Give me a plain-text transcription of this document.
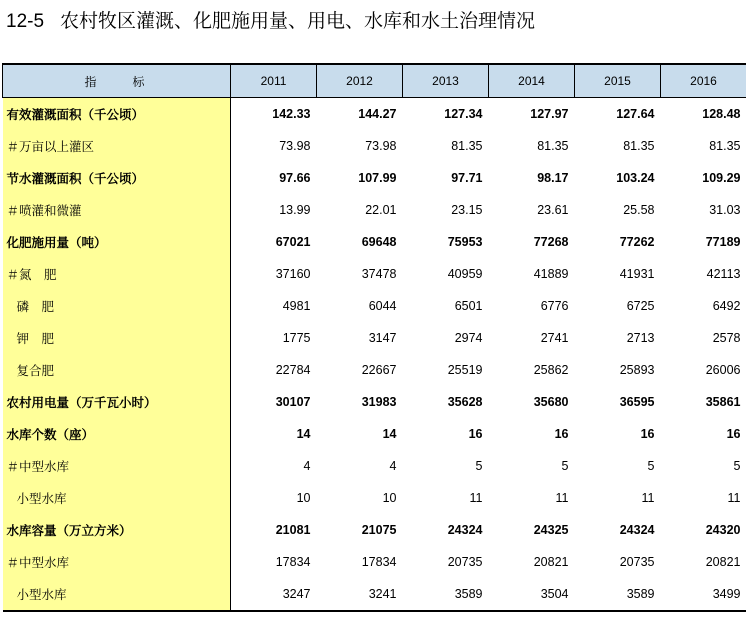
12-5 农村牧区灌溉、化肥施用量、用电、水库和水土治理情况
指　　标	2011	2012	2013	2014	2015	2016
有效灌溉面积（千公顷）	142.33	144.27	127.34	127.97	127.64	128.48
＃万亩以上灌区	73.98	73.98	81.35	81.35	81.35	81.35
节水灌溉面积（千公顷）	97.66	107.99	97.71	98.17	103.24	109.29
＃喷灌和微灌	13.99	22.01	23.15	23.61	25.58	31.03
化肥施用量（吨）	67021	69648	75953	77268	77262	77189
＃氮　肥	37160	37478	40959	41889	41931	42113
磷　肥	4981	6044	6501	6776	6725	6492
钾　肥	1775	3147	2974	2741	2713	2578
复合肥	22784	22667	25519	25862	25893	26006
农村用电量（万千瓦小时）	30107	31983	35628	35680	36595	35861
水库个数（座）	14	14	16	16	16	16
＃中型水库	4	4	5	5	5	5
小型水库	10	10	11	11	11	11
水库容量（万立方米）	21081	21075	24324	24325	24324	24320
＃中型水库	17834	17834	20735	20821	20735	20821
小型水库	3247	3241	3589	3504	3589	3499
